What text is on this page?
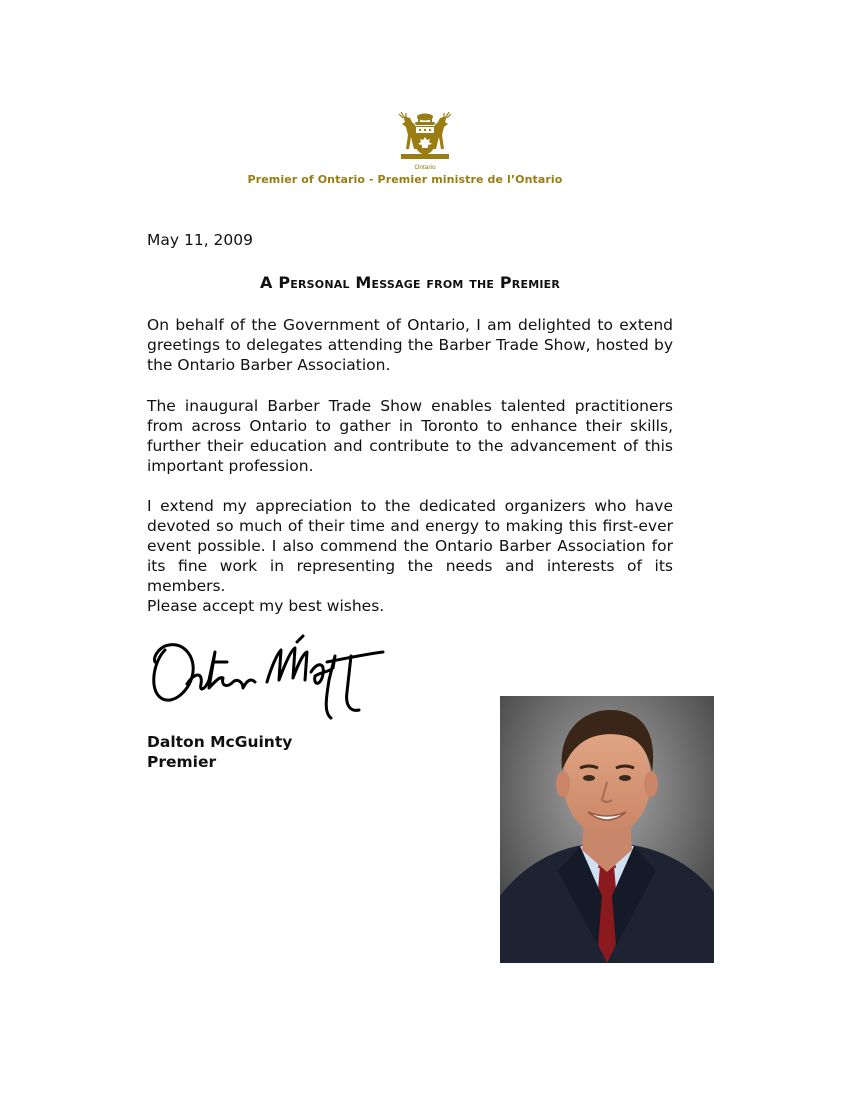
Ontario
Premier of Ontario - Premier ministre de l’Ontario
May 11, 2009
A Personal Message from the Premier
On behalf of the Government of Ontario, I am delighted to extend greetings to delegates attending the Barber Trade Show, hosted by the Ontario Barber Association.
The inaugural Barber Trade Show enables talented practitioners from across Ontario to gather in Toronto to enhance their skills, further their education and contribute to the advancement of this important profession.
I extend my appreciation to the dedicated organizers who have devoted so much of their time and energy to making this first-ever event possible. I also commend the Ontario Barber Association for its fine work in representing the needs and interests of its members.
Please accept my best wishes.
Dalton McGuinty
Premier
